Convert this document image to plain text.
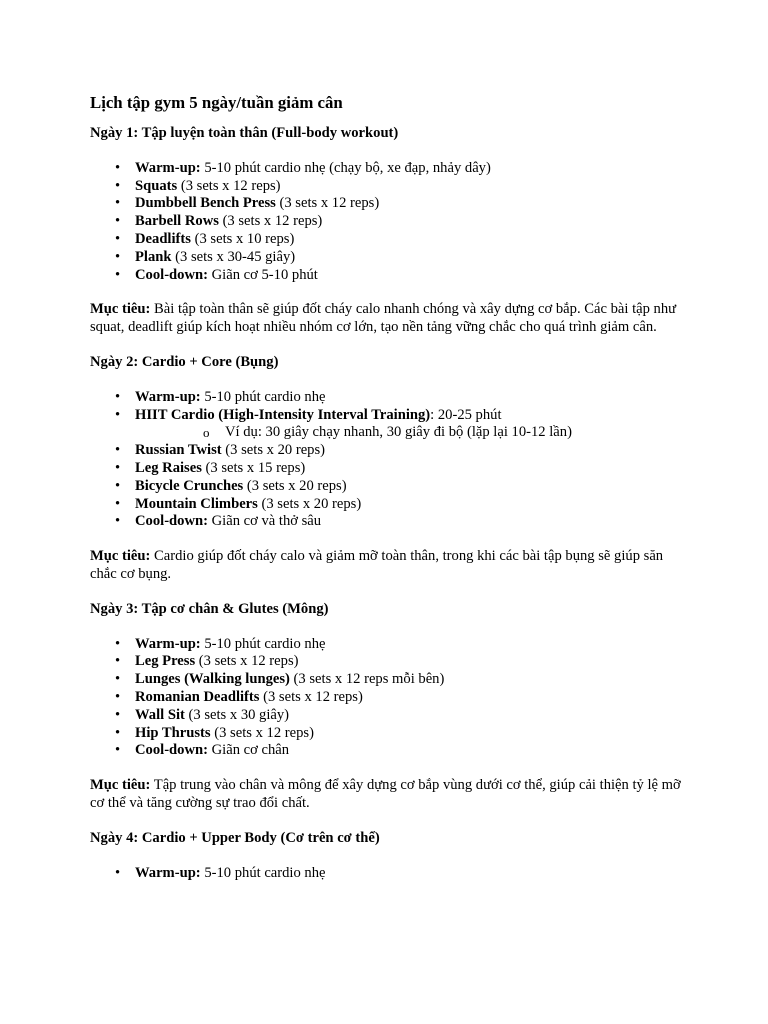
Lịch tập gym 5 ngày/tuần giảm cân
Ngày 1: Tập luyện toàn thân (Full-body workout)
• Warm-up: 5-10 phút cardio nhẹ (chạy bộ, xe đạp, nhảy dây)
• Squats (3 sets x 12 reps)
• Dumbbell Bench Press (3 sets x 12 reps)
• Barbell Rows (3 sets x 12 reps)
• Deadlifts (3 sets x 10 reps)
• Plank (3 sets x 30-45 giây)
• Cool-down: Giãn cơ 5-10 phút

Mục tiêu: Bài tập toàn thân sẽ giúp đốt cháy calo nhanh chóng và xây dựng cơ bắp. Các bài tập như squat, deadlift giúp kích hoạt nhiều nhóm cơ lớn, tạo nền tảng vững chắc cho quá trình giảm cân.

Ngày 2: Cardio + Core (Bụng)
• Warm-up: 5-10 phút cardio nhẹ
• HIIT Cardio (High-Intensity Interval Training): 20-25 phút
o Ví dụ: 30 giây chạy nhanh, 30 giây đi bộ (lặp lại 10-12 lần)
• Russian Twist (3 sets x 20 reps)
• Leg Raises (3 sets x 15 reps)
• Bicycle Crunches (3 sets x 20 reps)
• Mountain Climbers (3 sets x 20 reps)
• Cool-down: Giãn cơ và thở sâu

Mục tiêu: Cardio giúp đốt cháy calo và giảm mỡ toàn thân, trong khi các bài tập bụng sẽ giúp săn chắc cơ bụng.

Ngày 3: Tập cơ chân & Glutes (Mông)
• Warm-up: 5-10 phút cardio nhẹ
• Leg Press (3 sets x 12 reps)
• Lunges (Walking lunges) (3 sets x 12 reps mỗi bên)
• Romanian Deadlifts (3 sets x 12 reps)
• Wall Sit (3 sets x 30 giây)
• Hip Thrusts (3 sets x 12 reps)
• Cool-down: Giãn cơ chân

Mục tiêu: Tập trung vào chân và mông để xây dựng cơ bắp vùng dưới cơ thể, giúp cải thiện tỷ lệ mỡ cơ thể và tăng cường sự trao đổi chất.

Ngày 4: Cardio + Upper Body (Cơ trên cơ thể)
• Warm-up: 5-10 phút cardio nhẹ
